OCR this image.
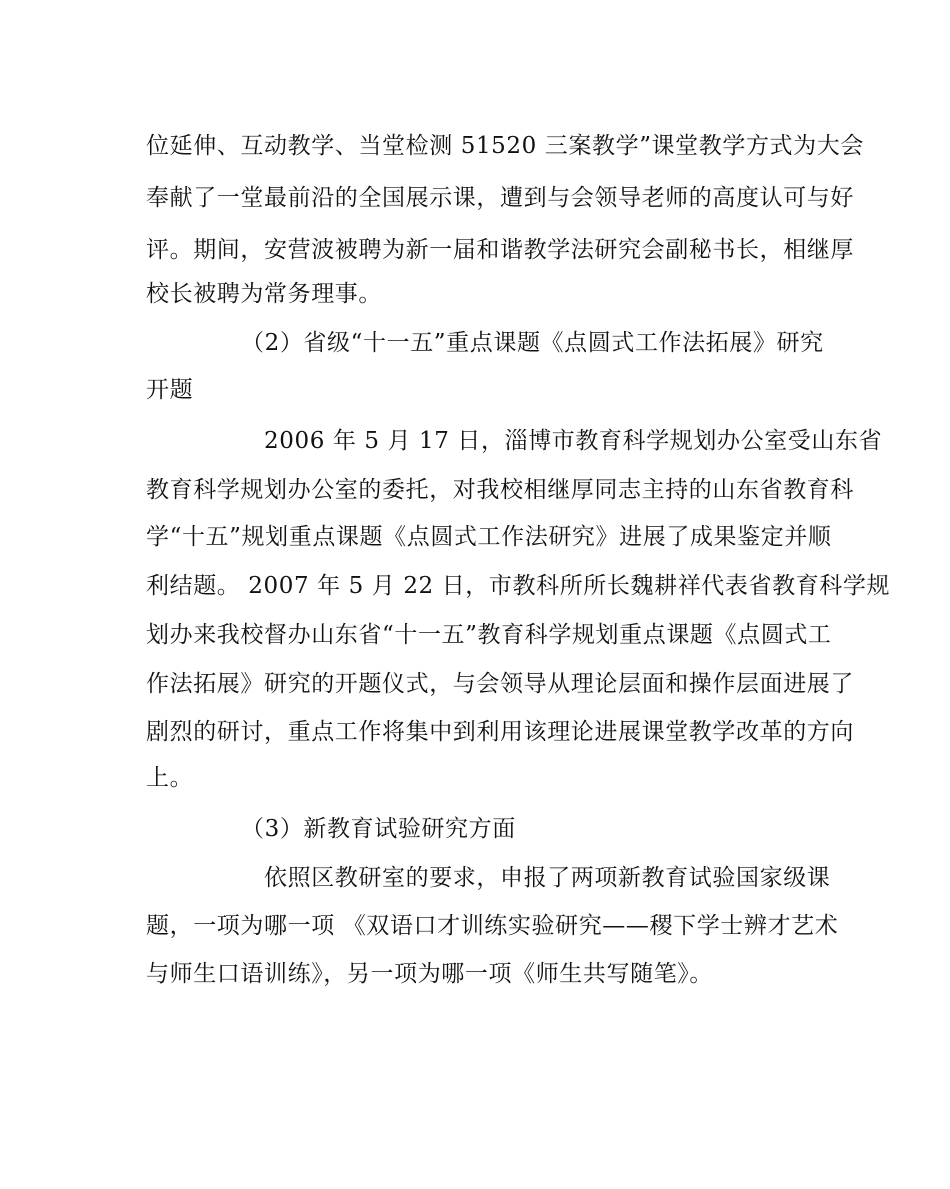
位延伸、互动教学、当堂检测 51520 三案教学”课堂教学方式为大会
奉献了一堂最前沿的全国展示课，遭到与会领导老师的高度认可与好
评。期间，安营波被聘为新一届和谐教学法研究会副秘书长，相继厚
校长被聘为常务理事。
（2）省级“十一五”重点课题《点圆式工作法拓展》研究
开题
2006 年 5 月 17 日，淄博市教育科学规划办公室受山东省
教育科学规划办公室的委托，对我校相继厚同志主持的山东省教育科
学“十五”规划重点课题《点圆式工作法研究》进展了成果鉴定并顺
利结题。 2007 年 5 月 22 日，市教科所所长魏耕祥代表省教育科学规
划办来我校督办山东省“十一五”教育科学规划重点课题《点圆式工
作法拓展》研究的开题仪式，与会领导从理论层面和操作层面进展了
剧烈的研讨，重点工作将集中到利用该理论进展课堂教学改革的方向
上。
（3）新教育试验研究方面
依照区教研室的要求，申报了两项新教育试验国家级课
题，一项为哪一项 《双语口才训练实验研究——稷下学士辨才艺术
与师生口语训练》，另一项为哪一项《师生共写随笔》。
